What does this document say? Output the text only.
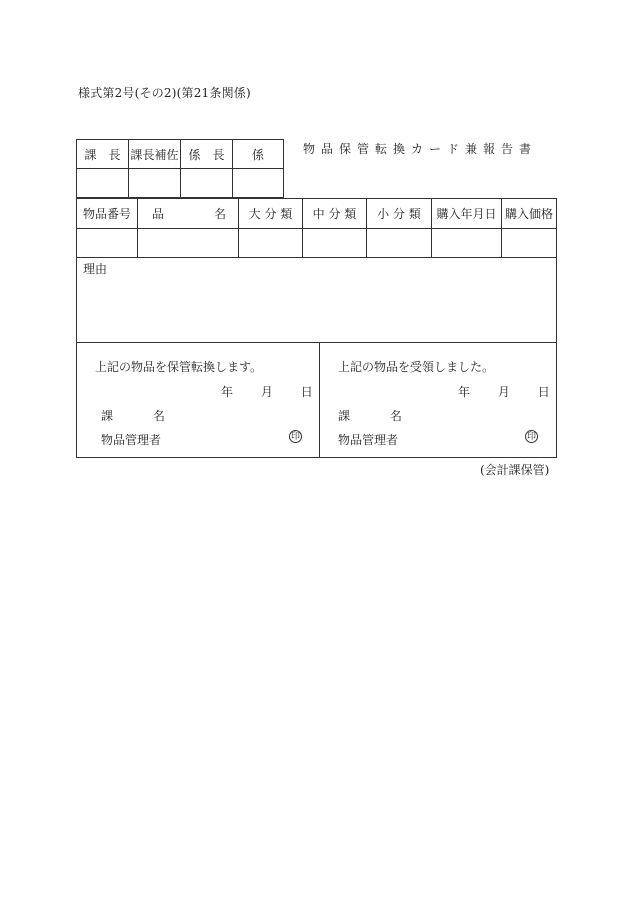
様式第2号(その2)(第21条関係)
物品保管転換カード兼報告書
課　長 課長補佐 係　長	係
物品番号	品	名	大 分 類	中 分 類	小 分 類	購入年月日 購入価格
理由
上記の物品を保管転換します。
年 月 日
課	名
物品管理者	印
上記の物品を受領しました。
年 月 日
課	名
物品管理者	印
(会計課保管)
